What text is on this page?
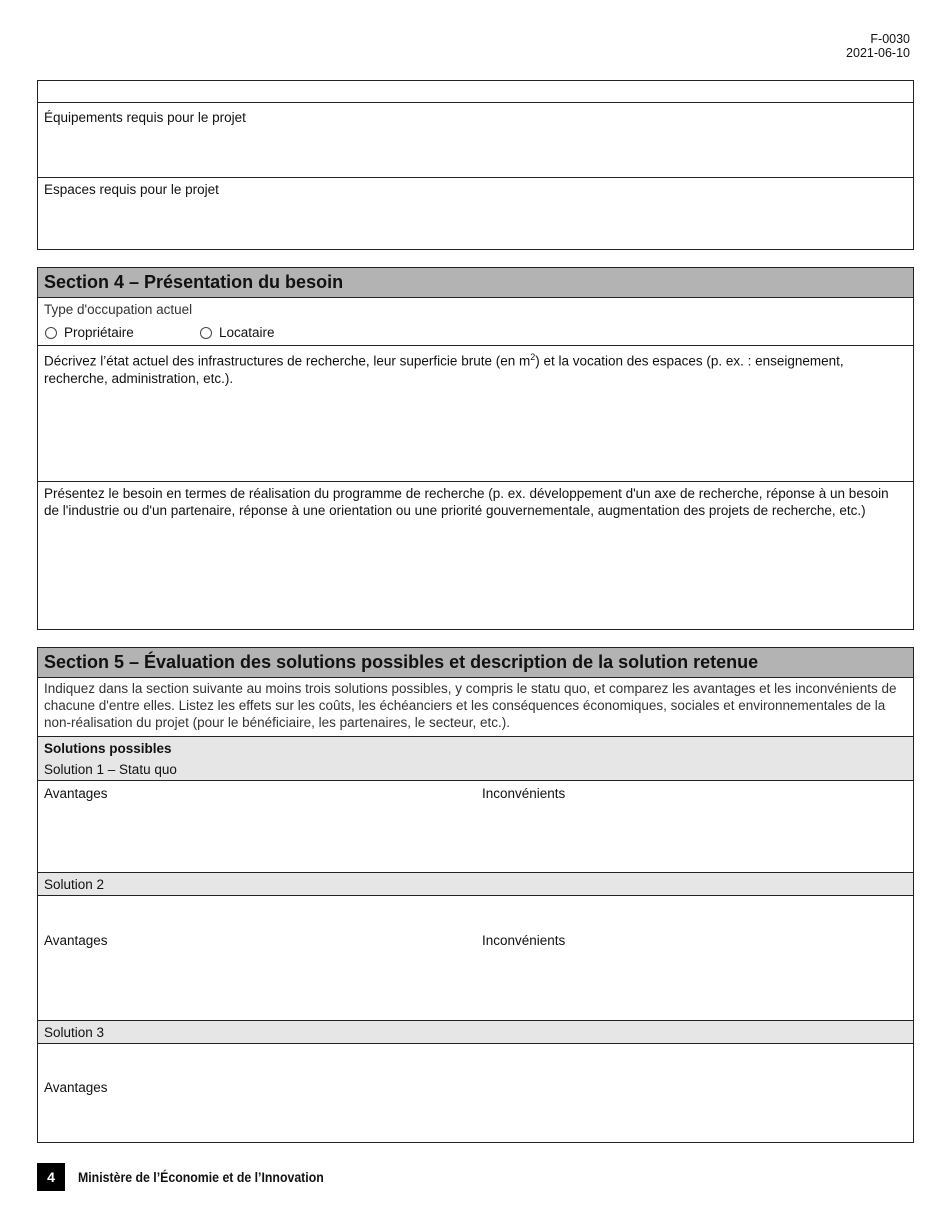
F-0030
2021-06-10
Équipements requis pour le projet
Espaces requis pour le projet
Section 4 – Présentation du besoin
Type d'occupation actuel
Propriétaire	Locataire
Décrivez l’état actuel des infrastructures de recherche, leur superficie brute (en $m^2$) et la vocation des espaces (p. ex. : enseignement, recherche, administration, etc.).
Présentez le besoin en termes de réalisation du programme de recherche (p. ex. développement d'un axe de recherche, réponse à un besoin de l'industrie ou d'un partenaire, réponse à une orientation ou une priorité gouvernementale, augmentation des projets de recherche, etc.)
Section 5 – Évaluation des solutions possibles et description de la solution retenue
Indiquez dans la section suivante au moins trois solutions possibles, y compris le statu quo, et comparez les avantages et les inconvénients de chacune d'entre elles. Listez les effets sur les coûts, les échéanciers et les conséquences économiques, sociales et environnementales de la non-réalisation du projet (pour le bénéficiaire, les partenaires, le secteur, etc.).
Solutions possibles
Solution 1 – Statu quo
Avantages	Inconvénients
Solution 2
Avantages	Inconvénients
Solution 3
Avantages
4	Ministère de l’Économie et de l’Innovation
